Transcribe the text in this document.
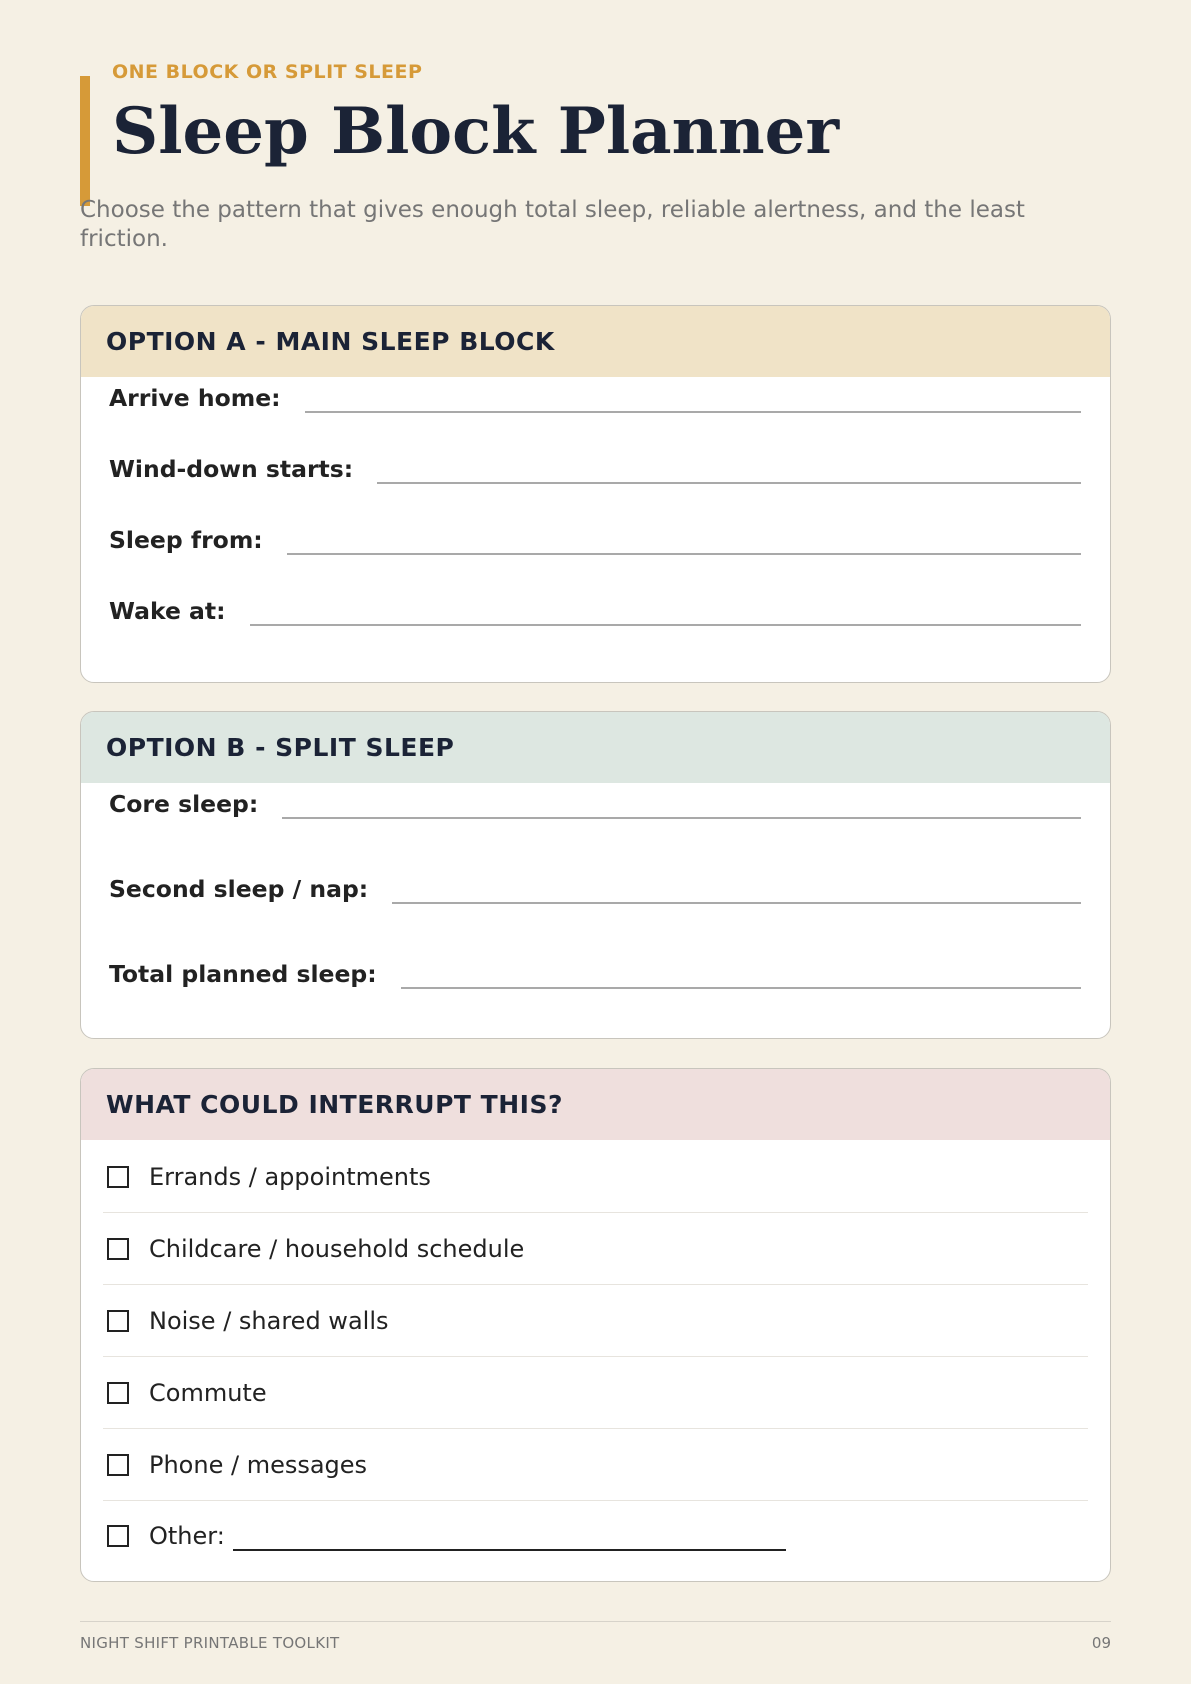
ONE BLOCK OR SPLIT SLEEP
Sleep Block Planner
Choose the pattern that gives enough total sleep, reliable alertness, and the least friction.
OPTION A - MAIN SLEEP BLOCK
Arrive home:
Wind-down starts:
Sleep from:
Wake at:
OPTION B - SPLIT SLEEP
Core sleep:
Second sleep / nap:
Total planned sleep:
WHAT COULD INTERRUPT THIS?
Errands / appointments
Childcare / household schedule
Noise / shared walls
Commute
Phone / messages
Other:
NIGHT SHIFT PRINTABLE TOOLKIT	09
